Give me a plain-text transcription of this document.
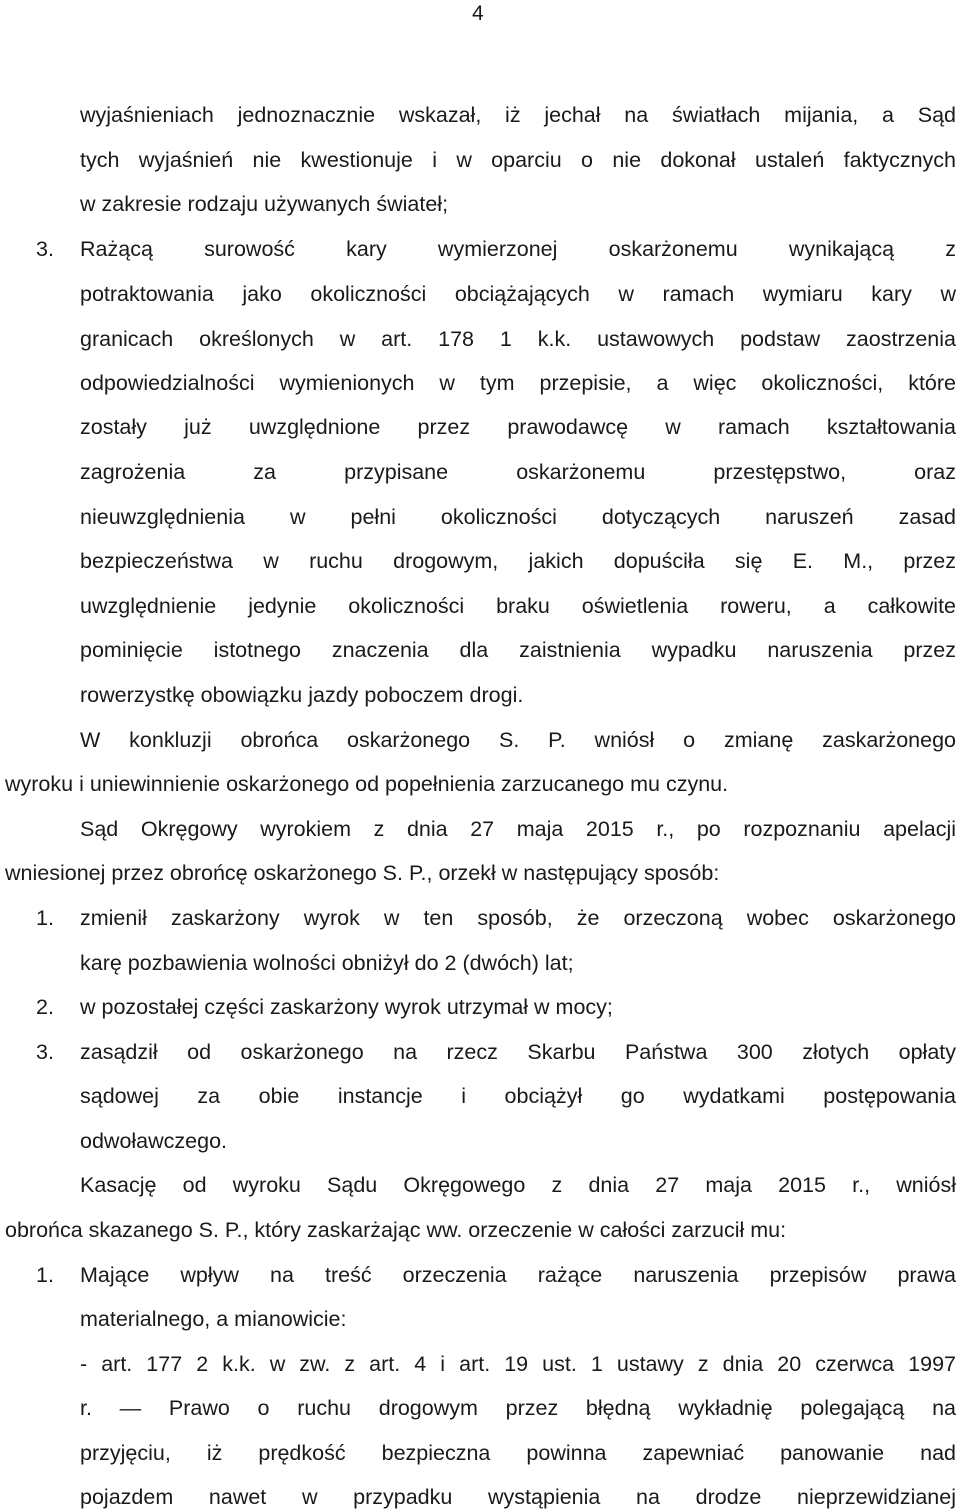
4
wyjaśnieniach jednoznacznie wskazał, iż jechał na światłach mijania, a Sąd
tych wyjaśnień nie kwestionuje i w oparciu o nie dokonał ustaleń faktycznych
w zakresie rodzaju używanych świateł;
3. Rażącą surowość kary wymierzonej oskarżonemu wynikającą z
potraktowania jako okoliczności obciążających w ramach wymiaru kary w
granicach określonych w art. 178 1 k.k. ustawowych podstaw zaostrzenia
odpowiedzialności wymienionych w tym przepisie, a więc okoliczności, które
zostały już uwzględnione przez prawodawcę w ramach kształtowania
zagrożenia za przypisane oskarżonemu przestępstwo, oraz
nieuwzględnienia w pełni okoliczności dotyczących naruszeń zasad
bezpieczeństwa w ruchu drogowym, jakich dopuściła się E. M., przez
uwzględnienie jedynie okoliczności braku oświetlenia roweru, a całkowite
pominięcie istotnego znaczenia dla zaistnienia wypadku naruszenia przez
rowerzystkę obowiązku jazdy poboczem drogi.
W konkluzji obrońca oskarżonego S. P. wniósł o zmianę zaskarżonego
wyroku i uniewinnienie oskarżonego od popełnienia zarzucanego mu czynu.
Sąd Okręgowy wyrokiem z dnia 27 maja 2015 r., po rozpoznaniu apelacji
wniesionej przez obrońcę oskarżonego S. P., orzekł w następujący sposób:
1. zmienił zaskarżony wyrok w ten sposób, że orzeczoną wobec oskarżonego
karę pozbawienia wolności obniżył do 2 (dwóch) lat;
2. w pozostałej części zaskarżony wyrok utrzymał w mocy;
3. zasądził od oskarżonego na rzecz Skarbu Państwa 300 złotych opłaty
sądowej za obie instancje i obciążył go wydatkami postępowania
odwoławczego.
Kasację od wyroku Sądu Okręgowego z dnia 27 maja 2015 r., wniósł
obrońca skazanego S. P., który zaskarżając ww. orzeczenie w całości zarzucił mu:
1. Mające wpływ na treść orzeczenia rażące naruszenia przepisów prawa
materialnego, a mianowicie:
- art. 177 2 k.k. w zw. z art. 4 i art. 19 ust. 1 ustawy z dnia 20 czerwca 1997
r. ― Prawo o ruchu drogowym przez błędną wykładnię polegającą na
przyjęciu, iż prędkość bezpieczna powinna zapewniać panowanie nad
pojazdem nawet w przypadku wystąpienia na drodze nieprzewidzianej
